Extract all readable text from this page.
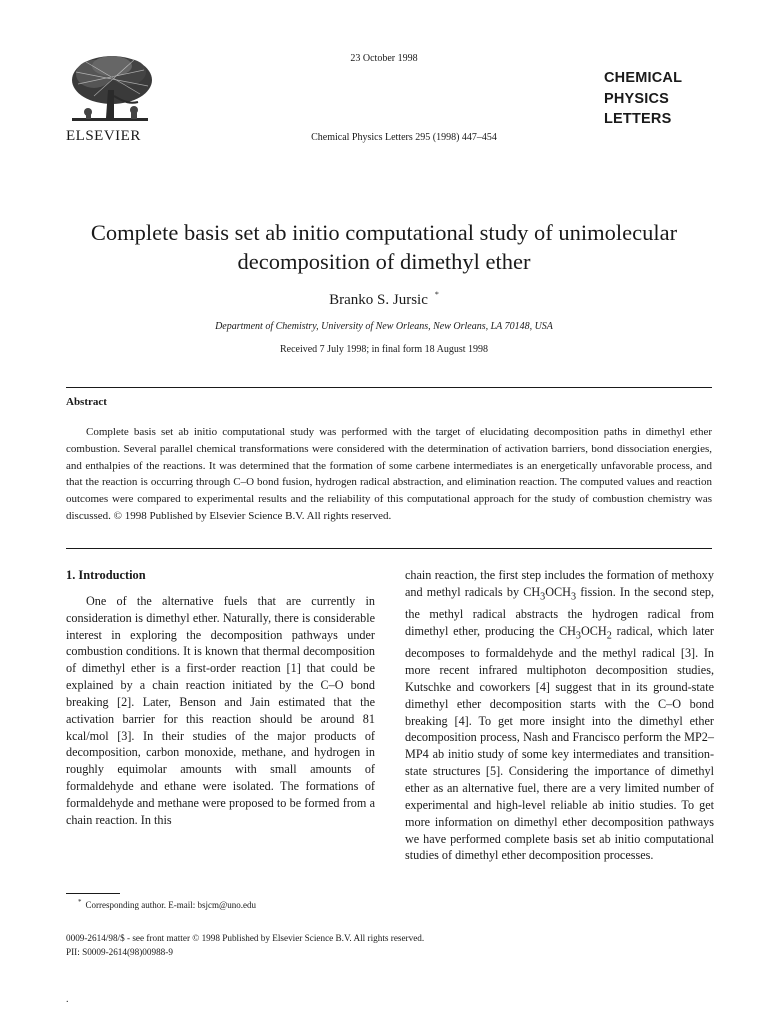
ELSEVIER
23 October 1998
Chemical Physics Letters 295 (1998) 447–454
CHEMICAL
PHYSICS
LETTERS
Complete basis set ab initio computational study of unimolecular
decomposition of dimethyl ether
Branko S. Jursic *
Department of Chemistry, University of New Orleans, New Orleans, LA 70148, USA
Received 7 July 1998; in final form 18 August 1998
Abstract

Complete basis set ab initio computational study was performed with the target of elucidating decomposition paths in dimethyl ether combustion. Several parallel chemical transformations were considered with the determination of activation barriers, bond dissociation energies, and enthalpies of the reactions. It was determined that the formation of some carbene intermediates is an energetically unfavorable process, and that the reaction is occurring through C–O bond fusion, hydrogen radical abstraction, and elimination reaction. The computed values and reaction outcomes were compared to experimental results and the reliability of this computational approach for the study of combustion chemistry was discussed. © 1998 Published by Elsevier Science B.V. All rights reserved.

1. Introduction

One of the alternative fuels that are currently in consideration is dimethyl ether. Naturally, there is considerable interest in exploring the decomposition pathways under combustion conditions. It is known that thermal decomposition of dimethyl ether is a first-order reaction [1] that could be explained by a chain reaction initiated by the C–O bond breaking [2]. Later, Benson and Jain estimated that the activation barrier for this reaction should be around 81 kcal/mol [3]. In their studies of the major products of decomposition, carbon monoxide, methane, and hydrogen in roughly equimolar amounts with small amounts of formaldehyde and ethane were isolated. The formations of formaldehyde and methane were proposed to be formed from a chain reaction. In this

chain reaction, the first step includes the formation of methoxy and methyl radicals by $CH_3OCH_3$ fission. In the second step, the methyl radical abstracts the hydrogen radical from dimethyl ether, producing the $CH_3OCH_2$ radical, which later decomposes to formaldehyde and the methyl radical [3]. In more recent infrared multiphoton decomposition studies, Kutschke and coworkers [4] suggest that in its ground-state dimethyl ether decomposition starts with the C–O bond breaking [4]. To get more insight into the dimethyl ether decomposition process, Nash and Francisco perform the MP2–MP4 ab initio study of some key intermediates and transition-state structures [5]. Considering the importance of dimethyl ether as an alternative fuel, there are a very limited number of experimental and high-level reliable ab initio studies. To get more information on dimethyl ether decomposition pathways we have performed complete basis set ab initio computational studies of dimethyl ether decomposition processes.

* Corresponding author. E-mail: bsjcm@uno.edu
0009-2614/98/$ - see front matter © 1998 Published by Elsevier Science B.V. All rights reserved.
PII: S0009-2614(98)00988-9
.
